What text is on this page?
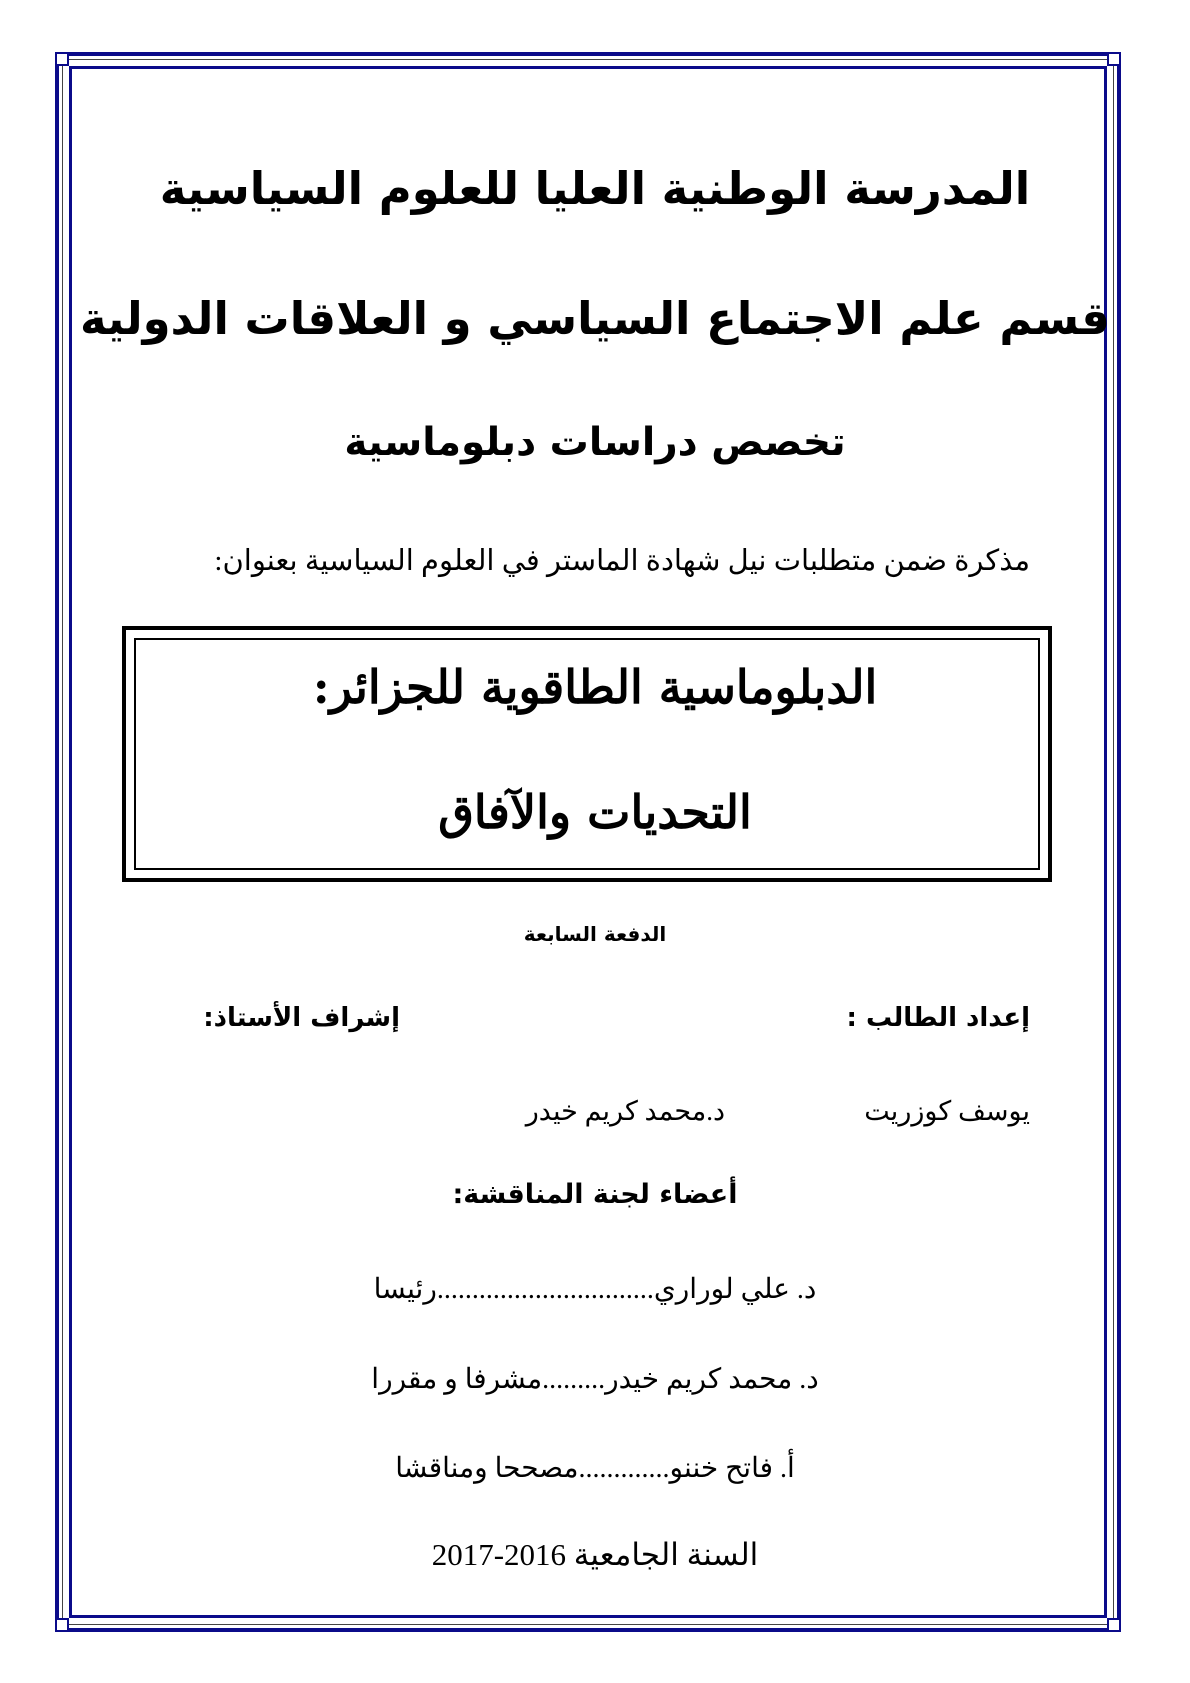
المدرسة الوطنية العليا للعلوم السياسية
قسم علم الاجتماع السياسي و العلاقات الدولية
تخصص دراسات دبلوماسية
مذكرة ضمن متطلبات نيل شهادة الماستر في العلوم السياسية بعنوان:
الدبلوماسية الطاقوية للجزائر:
التحديات والآفاق
الدفعة السابعة
إعداد الطالب :
إشراف الأستاذ:
يوسف كوزريت
د.محمد كريم خيدر
أعضاء لجنة المناقشة:
د. علي لوراري...............................رئيسا
د. محمد كريم خيدر.........مشرفا و مقررا
أ. فاتح خننو.............مصححا ومناقشا
السنة الجامعية 2016-2017
